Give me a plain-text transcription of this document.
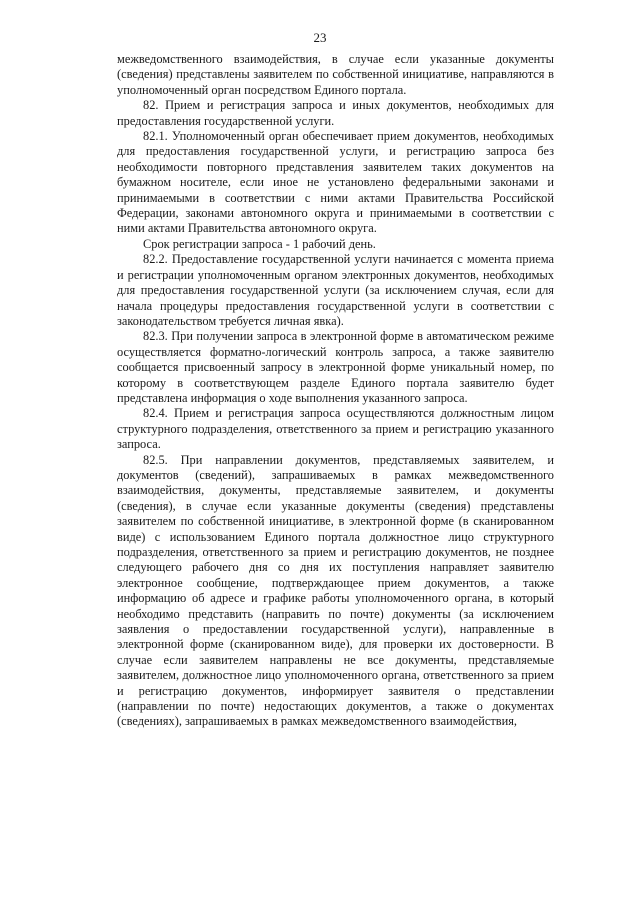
23

межведомственного взаимодействия, в случае если указанные документы (сведения) представлены заявителем по собственной инициативе, направляются в уполномоченный орган посредством Единого портала.

82. Прием и регистрация запроса и иных документов, необходимых для предоставления государственной услуги.

82.1. Уполномоченный орган обеспечивает прием документов, необходимых для предоставления государственной услуги, и регистрацию запроса без необходимости повторного представления заявителем таких документов на бумажном носителе, если иное не установлено федеральными законами и принимаемыми в соответствии с ними актами Правительства Российской Федерации, законами автономного округа и принимаемыми в соответствии с ними актами Правительства автономного округа.

Срок регистрации запроса - 1 рабочий день.

82.2. Предоставление государственной услуги начинается с момента приема и регистрации уполномоченным органом электронных документов, необходимых для предоставления государственной услуги (за исключением случая, если для начала процедуры предоставления государственной услуги в соответствии с законодательством требуется личная явка).

82.3. При получении запроса в электронной форме в автоматическом режиме осуществляется форматно-логический контроль запроса, а также заявителю сообщается присвоенный запросу в электронной форме уникальный номер, по которому в соответствующем разделе Единого портала заявителю будет представлена информация о ходе выполнения указанного запроса.

82.4. Прием и регистрация запроса осуществляются должностным лицом структурного подразделения, ответственного за прием и регистрацию указанного запроса.

82.5. При направлении документов, представляемых заявителем, и документов (сведений), запрашиваемых в рамках межведомственного взаимодействия, документы, представляемые заявителем, и документы (сведения), в случае если указанные документы (сведения) представлены заявителем по собственной инициативе, в электронной форме (в сканированном виде) с использованием Единого портала должностное лицо структурного подразделения, ответственного за прием и регистрацию документов, не позднее следующего рабочего дня со дня их поступления направляет заявителю электронное сообщение, подтверждающее прием документов, а также информацию об адресе и графике работы уполномоченного органа, в который необходимо представить (направить по почте) документы (за исключением заявления о предоставлении государственной услуги), направленные в электронной форме (сканированном виде), для проверки их достоверности. В случае если заявителем направлены не все документы, представляемые заявителем, должностное лицо уполномоченного органа, ответственного за прием и регистрацию документов, информирует заявителя о представлении (направлении по почте) недостающих документов, а также о документах (сведениях), запрашиваемых в рамках межведомственного взаимодействия,
